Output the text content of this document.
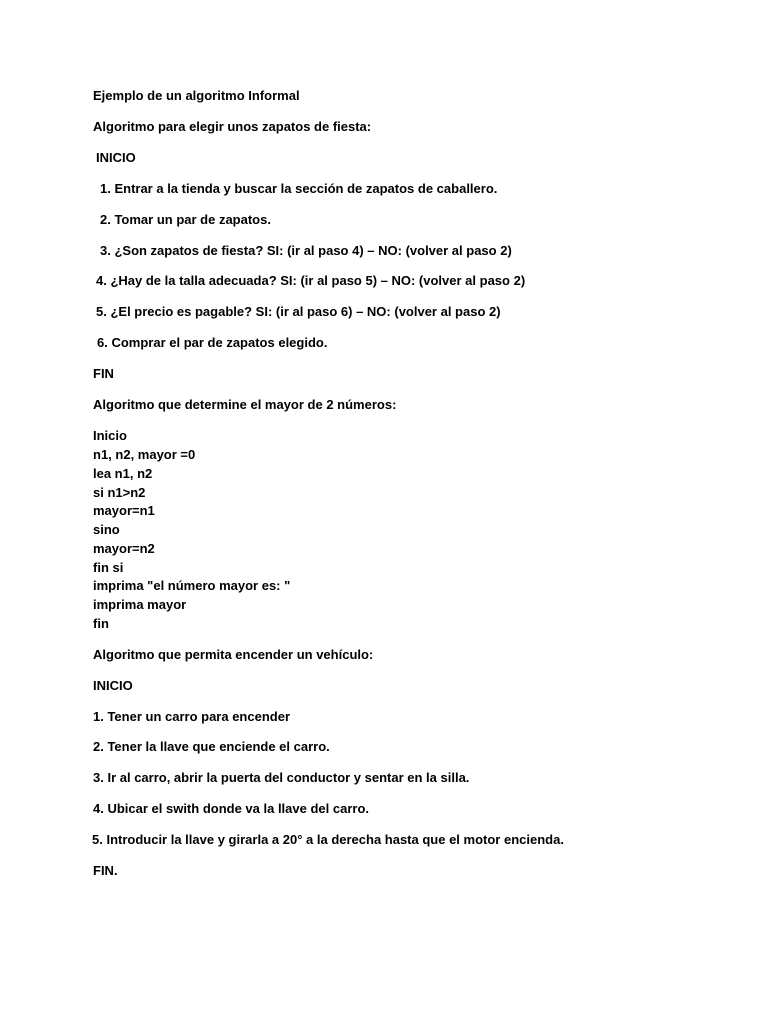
Ejemplo de un algoritmo Informal

Algoritmo para elegir unos zapatos de fiesta:

INICIO

1. Entrar a la tienda y buscar la sección de zapatos de caballero.

2. Tomar un par de zapatos.

3. ¿Son zapatos de fiesta? SI: (ir al paso 4) – NO: (volver al paso 2)

4. ¿Hay de la talla adecuada? SI: (ir al paso 5) – NO: (volver al paso 2)

5. ¿El precio es pagable? SI: (ir al paso 6) – NO: (volver al paso 2)

6. Comprar el par de zapatos elegido.

FIN

Algoritmo que determine el mayor de 2 números:

Inicio

n1, n2, mayor =0

lea n1, n2

si n1>n2

mayor=n1

sino

mayor=n2

fin si

imprima "el número mayor es: "

imprima mayor

fin

Algoritmo que permita encender un vehículo:

INICIO

1. Tener un carro para encender

2. Tener la llave que enciende el carro.

3. Ir al carro, abrir la puerta del conductor y sentar en la silla.

4. Ubicar el swith donde va la llave del carro.

5. Introducir la llave y girarla a 20° a la derecha hasta que el motor encienda.

FIN.
